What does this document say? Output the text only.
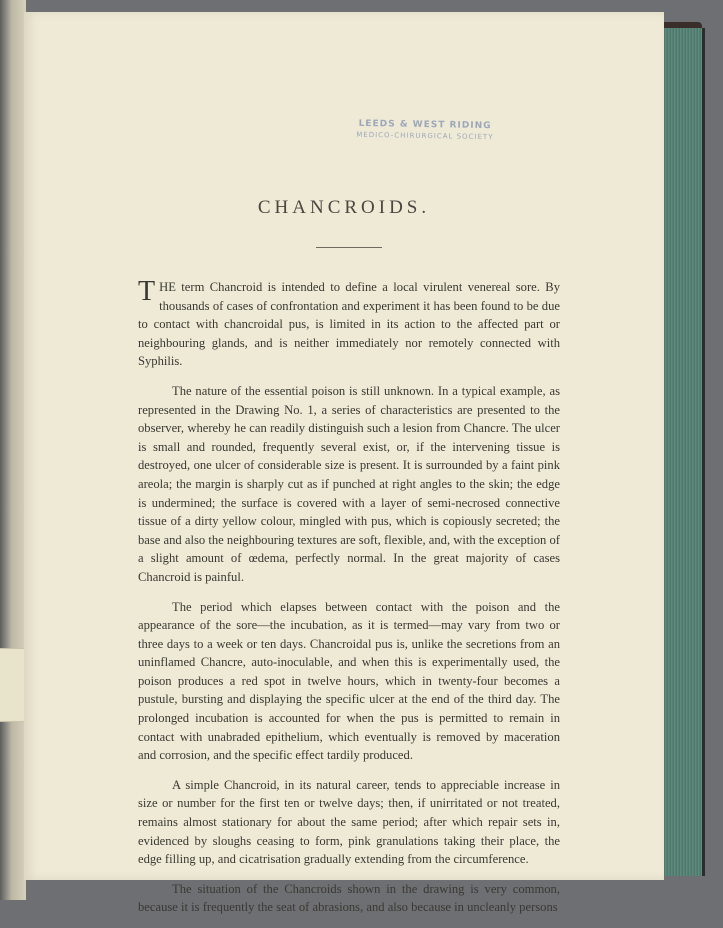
LEEDS & WEST RIDING
MEDICO-CHIRURGICAL SOCIETY
CHANCROIDS.

THE term Chancroid is intended to define a local virulent venereal sore. By thousands of cases of confrontation and experiment it has been found to be due to contact with chancroidal pus, is limited in its action to the affected part or neighbouring glands, and is neither immediately nor remotely connected with Syphilis.

The nature of the essential poison is still unknown. In a typical example, as represented in the Drawing No. 1, a series of characteristics are presented to the observer, whereby he can readily distinguish such a lesion from Chancre. The ulcer is small and rounded, frequently several exist, or, if the intervening tissue is destroyed, one ulcer of considerable size is present. It is surrounded by a faint pink areola; the margin is sharply cut as if punched at right angles to the skin; the edge is undermined; the surface is covered with a layer of semi-necrosed connective tissue of a dirty yellow colour, mingled with pus, which is copiously secreted; the base and also the neighbouring textures are soft, flexible, and, with the exception of a slight amount of œdema, perfectly normal. In the great majority of cases Chancroid is painful.

The period which elapses between contact with the poison and the appearance of the sore—the incubation, as it is termed—may vary from two or three days to a week or ten days. Chancroidal pus is, unlike the secretions from an uninflamed Chancre, auto-inoculable, and when this is experimentally used, the poison produces a red spot in twelve hours, which in twenty-four becomes a pustule, bursting and displaying the specific ulcer at the end of the third day. The prolonged incubation is accounted for when the pus is permitted to remain in contact with unabraded epithelium, which eventually is removed by maceration and corrosion, and the specific effect tardily produced.

A simple Chancroid, in its natural career, tends to appreciable increase in size or number for the first ten or twelve days; then, if unirritated or not treated, remains almost stationary for about the same period; after which repair sets in, evidenced by sloughs ceasing to form, pink granulations taking their place, the edge filling up, and cicatrisation gradually extending from the circumference.

The situation of the Chancroids shown in the drawing is very common, because it is frequently the seat of abrasions, and also because in uncleanly persons
